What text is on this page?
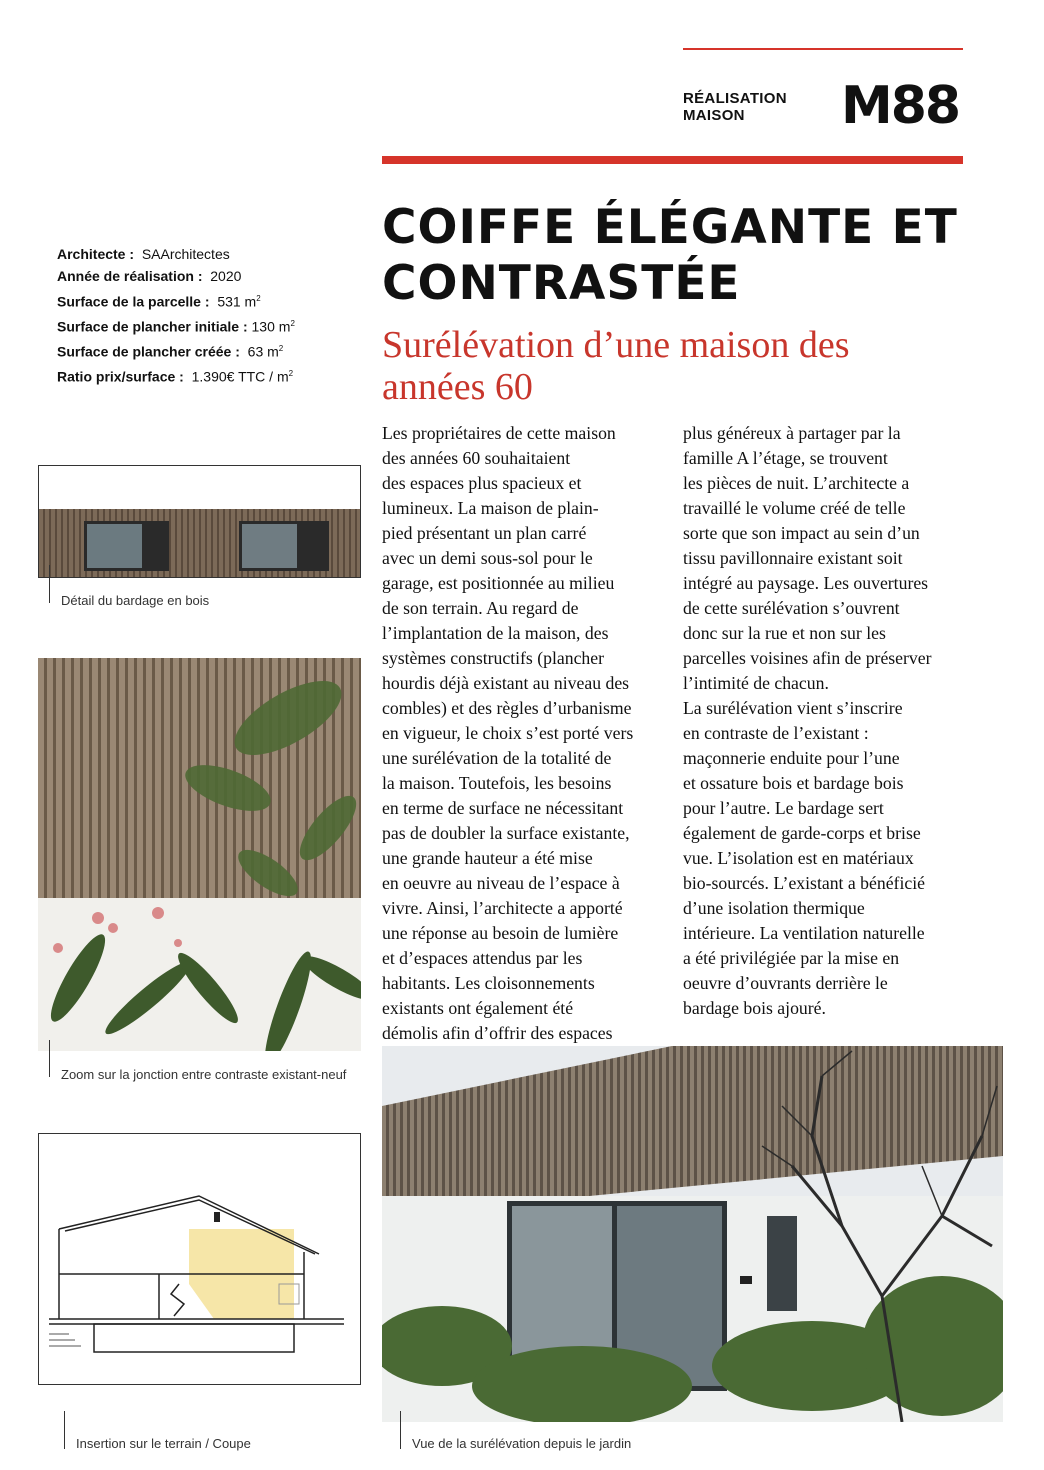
RÉALISATION
MAISON	M88
COIFFE ÉLÉGANTE ET
CONTRASTÉE
Surélévation d’une maison des
années 60
Architecte : SAArchitectes
Année de réalisation : 2020
Surface de la parcelle : 531 $m^2$
Surface de plancher initiale : 130 $m^2$
Surface de plancher créée : 63 $m^2$
Ratio prix/surface : 1.390€ TTC / $m^2$
Les propriétaires de cette maison
des années 60 souhaitaient
des espaces plus spacieux et
lumineux. La maison de plain-
pied présentant un plan carré
avec un demi sous-sol pour le
garage, est positionnée au milieu
de son terrain. Au regard de
l’implantation de la maison, des
systèmes constructifs (plancher
hourdis déjà existant au niveau des
combles) et des règles d’urbanisme
en vigueur, le choix s’est porté vers
une surélévation de la totalité de
la maison. Toutefois, les besoins
en terme de surface ne nécessitant
pas de doubler la surface existante,
une grande hauteur a été mise
en oeuvre au niveau de l’espace à
vivre. Ainsi, l’architecte a apporté
une réponse au besoin de lumière
et d’espaces attendus par les
habitants. Les cloisonnements
existants ont également été
démolis afin d’offrir des espaces
plus généreux à partager par la
famille A l’étage, se trouvent
les pièces de nuit. L’architecte a
travaillé le volume créé de telle
sorte que son impact au sein d’un
tissu pavillonnaire existant soit
intégré au paysage. Les ouvertures
de cette surélévation s’ouvrent
donc sur la rue et non sur les
parcelles voisines afin de préserver
l’intimité de chacun.
La surélévation vient s’inscrire
en contraste de l’existant :
maçonnerie enduite pour l’une
et ossature bois et bardage bois
pour l’autre. Le bardage sert
également de garde-corps et brise
vue. L’isolation est en matériaux
bio-sourcés. L’existant a bénéficié
d’une isolation thermique
intérieure. La ventilation naturelle
a été privilégiée par la mise en
oeuvre d’ouvrants derrière le
bardage bois ajouré.
Détail du bardage en bois
Zoom sur la jonction entre contraste existant-neuf
Insertion sur le terrain / Coupe	Vue de la surélévation depuis le jardin
